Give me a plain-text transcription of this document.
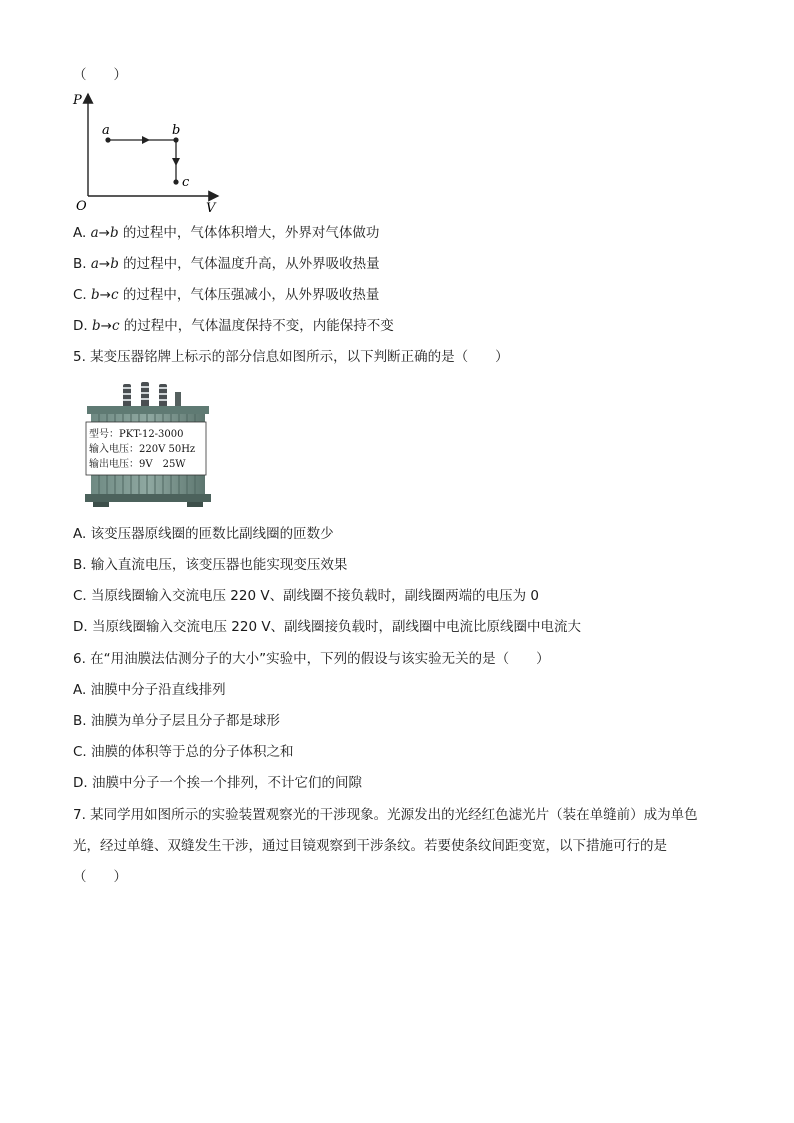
（　　）
P
V
O
a	b
c
A. a→b 的过程中，气体体积增大，外界对气体做功
B. a→b 的过程中，气体温度升高，从外界吸收热量
C. b→c 的过程中，气体压强减小，从外界吸收热量
D. b→c 的过程中，气体温度保持不变，内能保持不变
5. 某变压器铭牌上标示的部分信息如图所示，以下判断正确的是（　　）
型号：PKT-12-3000
输入电压：220V 50Hz
输出电压：9V　25W
A. 该变压器原线圈的匝数比副线圈的匝数少
B. 输入直流电压，该变压器也能实现变压效果
C. 当原线圈输入交流电压 220 V、副线圈不接负载时，副线圈两端的电压为 0
D. 当原线圈输入交流电压 220 V、副线圈接负载时，副线圈中电流比原线圈中电流大
6. 在“用油膜法估测分子的大小”实验中，下列的假设与该实验无关的是（　　）
A. 油膜中分子沿直线排列
B. 油膜为单分子层且分子都是球形
C. 油膜的体积等于总的分子体积之和
D. 油膜中分子一个挨一个排列，不计它们的间隙
7. 某同学用如图所示的实验装置观察光的干涉现象。光源发出的光经红色滤光片（装在单缝前）成为单色
光，经过单缝、双缝发生干涉，通过目镜观察到干涉条纹。若要使条纹间距变宽，以下措施可行的是
（　　）
